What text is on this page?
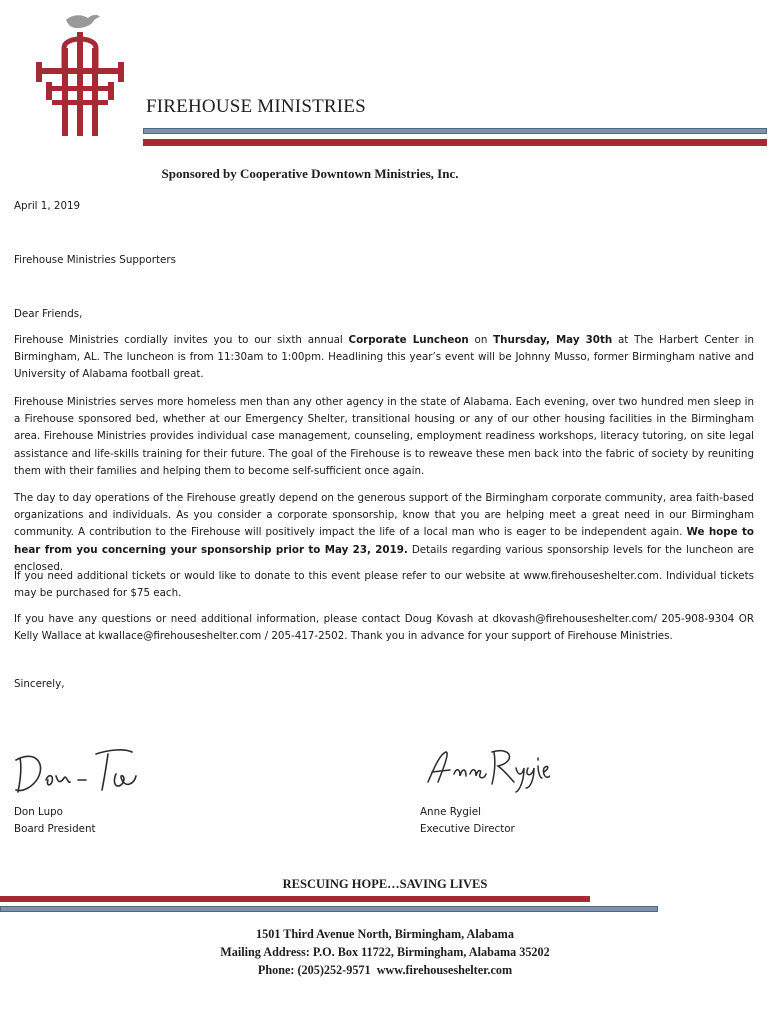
FIREHOUSE MINISTRIES
Sponsored by Cooperative Downtown Ministries, Inc.
April 1, 2019
Firehouse Ministries Supporters
Dear Friends,
Firehouse Ministries cordially invites you to our sixth annual Corporate Luncheon on Thursday, May 30th at The Harbert Center in Birmingham, AL. The luncheon is from 11:30am to 1:00pm. Headlining this year’s event will be Johnny Musso, former Birmingham native and University of Alabama football great.
Firehouse Ministries serves more homeless men than any other agency in the state of Alabama. Each evening, over two hundred men sleep in a Firehouse sponsored bed, whether at our Emergency Shelter, transitional housing or any of our other housing facilities in the Birmingham area. Firehouse Ministries provides individual case management, counseling, employment readiness workshops, literacy tutoring, on site legal assistance and life-skills training for their future. The goal of the Firehouse is to reweave these men back into the fabric of society by reuniting them with their families and helping them to become self-sufficient once again.
The day to day operations of the Firehouse greatly depend on the generous support of the Birmingham corporate community, area faith-based organizations and individuals. As you consider a corporate sponsorship, know that you are helping meet a great need in our Birmingham community. A contribution to the Firehouse will positively impact the life of a local man who is eager to be independent again. We hope to hear from you concerning your sponsorship prior to May 23, 2019. Details regarding various sponsorship levels for the luncheon are enclosed.
If you need additional tickets or would like to donate to this event please refer to our website at www.firehouseshelter.com. Individual tickets may be purchased for $75 each.
If you have any questions or need additional information, please contact Doug Kovash at dkovash@firehouseshelter.com/ 205-908-9304 OR Kelly Wallace at kwallace@firehouseshelter.com / 205-417-2502. Thank you in advance for your support of Firehouse Ministries.
Sincerely,
Don Lupo
Board President
Anne Rygiel
Executive Director
RESCUING HOPE…SAVING LIVES
1501 Third Avenue North, Birmingham, Alabama
Mailing Address: P.O. Box 11722, Birmingham, Alabama 35202
Phone: (205)252-9571  www.firehouseshelter.com
